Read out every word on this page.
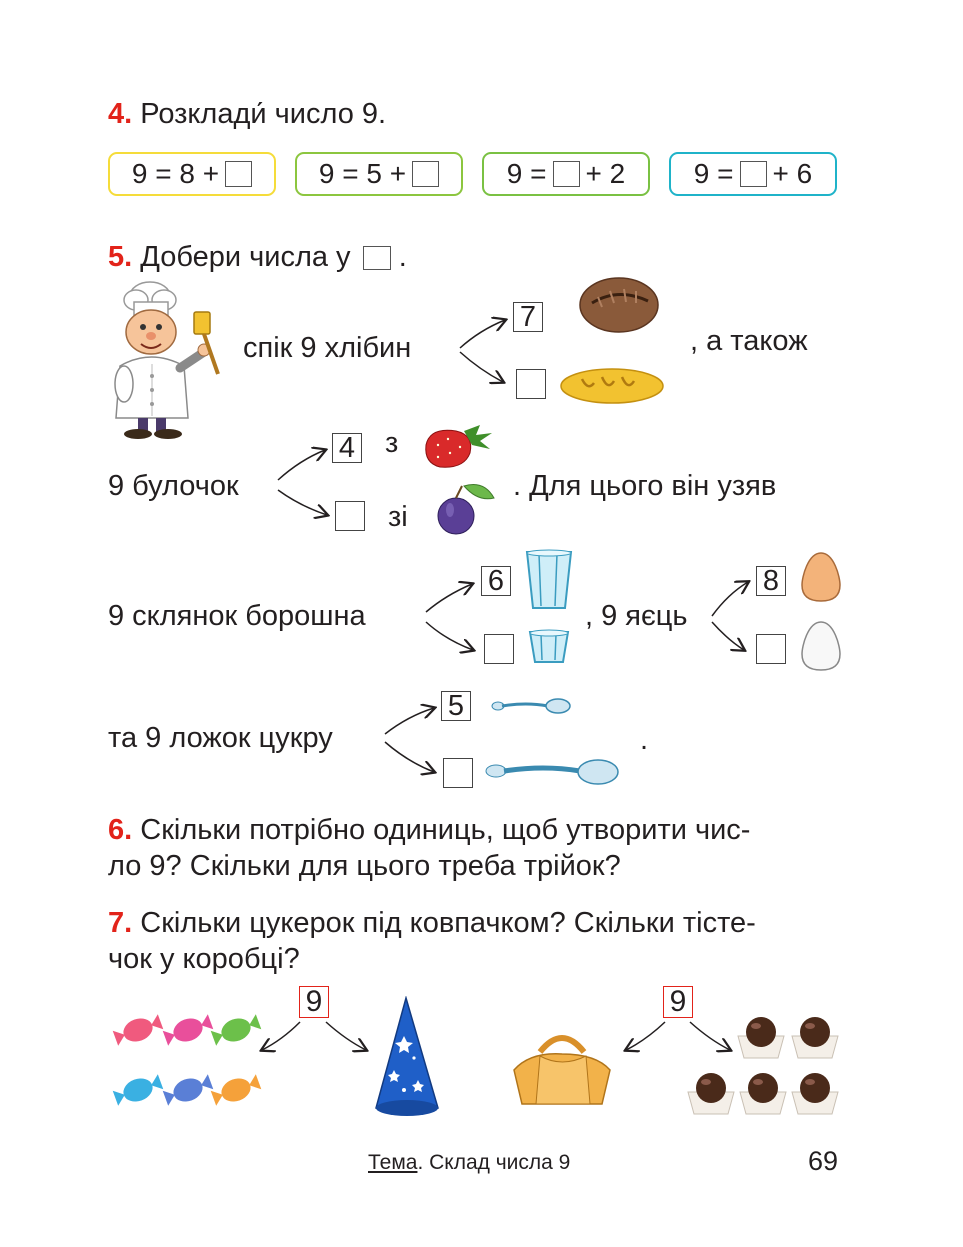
4. Розклади́ число 9.
9 = 8 +	9 = 5 +	9 = + 2 9 = + 6
5. Добери числа у .
спік 9 хлібин	, а також
7
9 булочок
4 з
зі
. Для цього він узяв
9 склянок борошна
6
, 9 яєць
8
та 9 ложок цукру
5
.
6. Скільки потрібно одиниць, щоб утворити чис-
ло 9? Скільки для цього треба трійок?
7. Скільки цукерок під ковпачком? Скільки тісте-
чок у коробці?
9	9
Тема. Склад числа 9	69
